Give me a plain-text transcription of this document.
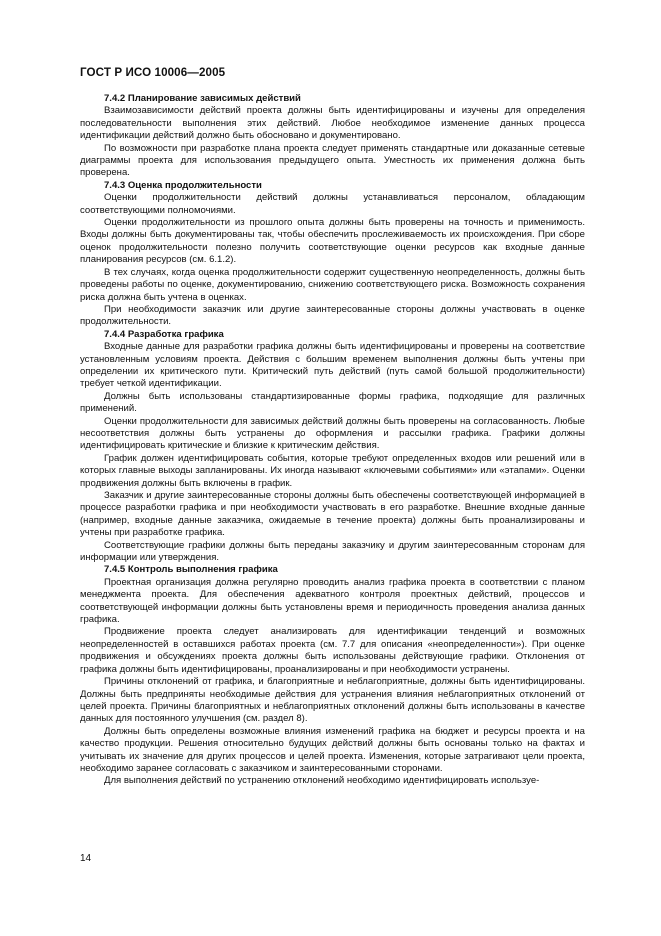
ГОСТ Р ИСО 10006—2005
7.4.2 Планирование зависимых действий

Взаимозависимости действий проекта должны быть идентифицированы и изучены для определения последовательности выполнения этих действий. Любое необходимое изменение данных процесса идентификации действий должно быть обосновано и документировано.

По возможности при разработке плана проекта следует применять стандартные или доказанные сетевые диаграммы проекта для использования предыдущего опыта. Уместность их применения должна быть проверена.

7.4.3 Оценка продолжительности

Оценки продолжительности действий должны устанавливаться персоналом, обладающим соответствующими полномочиями.

Оценки продолжительности из прошлого опыта должны быть проверены на точность и применимость. Входы должны быть документированы так, чтобы обеспечить прослеживаемость их происхождения. При сборе оценок продолжительности полезно получить соответствующие оценки ресурсов как входные данные планирования ресурсов (см. 6.1.2).

В тех случаях, когда оценка продолжительности содержит существенную неопределенность, должны быть проведены работы по оценке, документированию, снижению соответствующего риска. Возможность сохранения риска должна быть учтена в оценках.

При необходимости заказчик или другие заинтересованные стороны должны участвовать в оценке продолжительности.

7.4.4 Разработка графика

Входные данные для разработки графика должны быть идентифицированы и проверены на соответствие установленным условиям проекта. Действия с большим временем выполнения должны быть учтены при определении их критического пути. Критический путь действий (путь самой большой продолжительности) требует четкой идентификации.

Должны быть использованы стандартизированные формы графика, подходящие для различных применений.

Оценки продолжительности для зависимых действий должны быть проверены на согласованность. Любые несоответствия должны быть устранены до оформления и рассылки графика. Графики должны идентифицировать критические и близкие к критическим действия.

График должен идентифицировать события, которые требуют определенных входов или решений или в которых главные выходы запланированы. Их иногда называют «ключевыми событиями» или «этапами». Оценки продвижения должны быть включены в график.

Заказчик и другие заинтересованные стороны должны быть обеспечены соответствующей информацией в процессе разработки графика и при необходимости участвовать в его разработке. Внешние входные данные (например, входные данные заказчика, ожидаемые в течение проекта) должны быть проанализированы и учтены при разработке графика.

Соответствующие графики должны быть переданы заказчику и другим заинтересованным сторонам для информации или утверждения.

7.4.5 Контроль выполнения графика

Проектная организация должна регулярно проводить анализ графика проекта в соответствии с планом менеджмента проекта. Для обеспечения адекватного контроля проектных действий, процессов и соответствующей информации должны быть установлены время и периодичность проведения анализа данных графика.

Продвижение проекта следует анализировать для идентификации тенденций и возможных неопределенностей в оставшихся работах проекта (см. 7.7 для описания «неопределенности»). При оценке продвижения и обсуждениях проекта должны быть использованы действующие графики. Отклонения от графика должны быть идентифицированы, проанализированы и при необходимости устранены.

Причины отклонений от графика, и благоприятные и неблагоприятные, должны быть идентифицированы. Должны быть предприняты необходимые действия для устранения влияния неблагоприятных отклонений от целей проекта. Причины благоприятных и неблагоприятных отклонений должны быть использованы в качестве данных для постоянного улучшения (см. раздел 8).

Должны быть определены возможные влияния изменений графика на бюджет и ресурсы проекта и на качество продукции. Решения относительно будущих действий должны быть основаны только на фактах и учитывать их значение для других процессов и целей проекта. Изменения, которые затрагивают цели проекта, необходимо заранее согласовать с заказчиком и заинтересованными сторонами.

Для выполнения действий по устранению отклонений необходимо идентифицировать используе-

14
